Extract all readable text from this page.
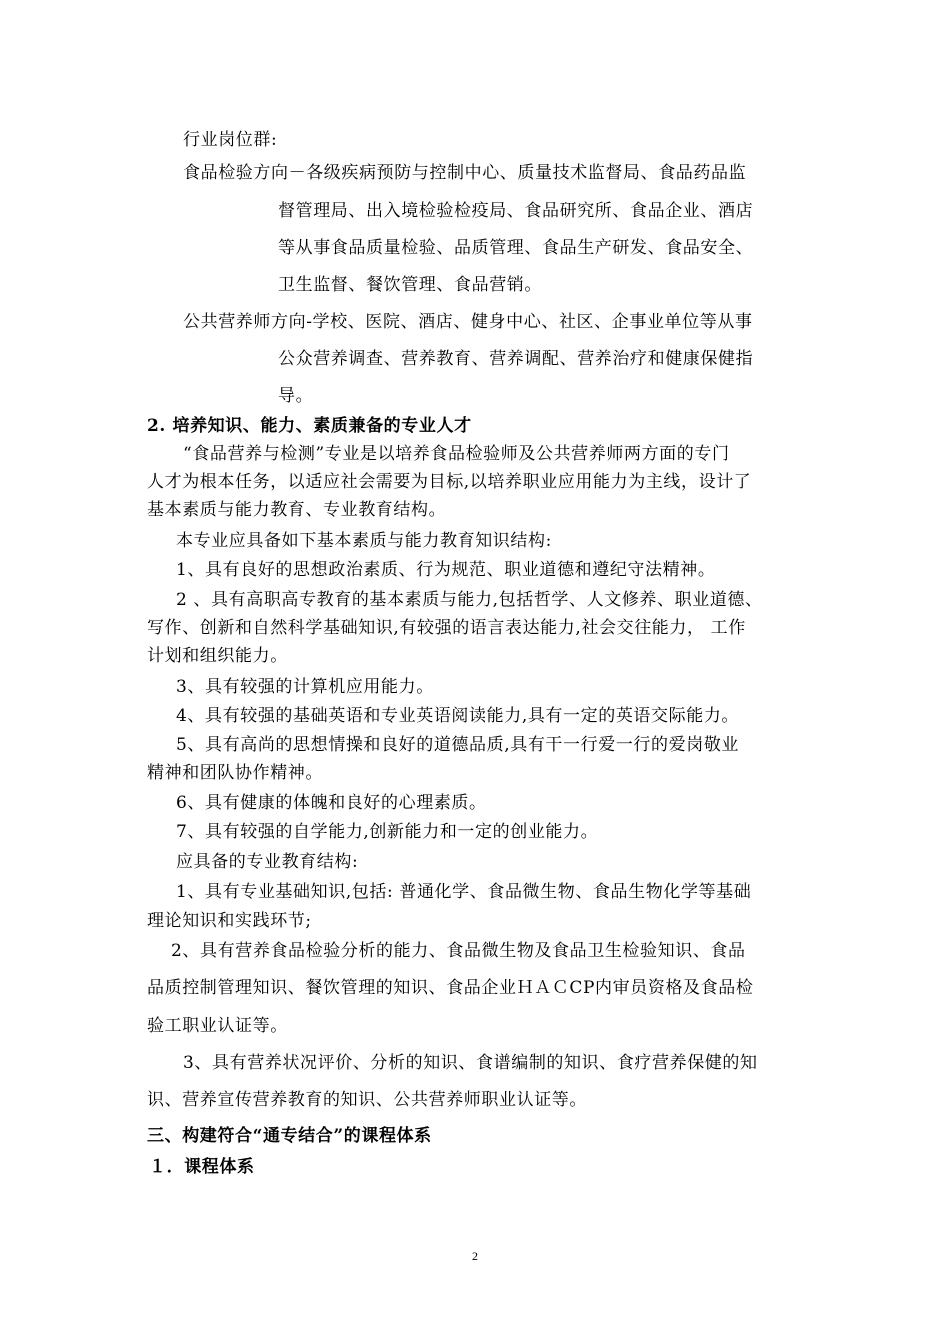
行业岗位群:
食品检验方向－各级疾病预防与控制中心、质量技术监督局、食品药品监
督管理局、出入境检验检疫局、食品研究所、食品企业、酒店
等从事食品质量检验、品质管理、食品生产研发、食品安全、
卫生监督、餐饮管理、食品营销。
公共营养师方向-学校、医院、酒店、健身中心、社区、企事业单位等从事
公众营养调查、营养教育、营养调配、营养治疗和健康保健指
导。
2. 培养知识、能力、素质兼备的专业人才
“食品营养与检测”专业是以培养食品检验师及公共营养师两方面的专门
人才为根本任务，以适应社会需要为目标,以培养职业应用能力为主线，设计了
基本素质与能力教育、专业教育结构。
本专业应具备如下基本素质与能力教育知识结构:
1、具有良好的思想政治素质、行为规范、职业道德和遵纪守法精神。
2 、具有高职高专教育的基本素质与能力,包括哲学、人文修养、职业道德、
写作、创新和自然科学基础知识,有较强的语言表达能力,社会交往能力， 工作
计划和组织能力。
3、具有较强的计算机应用能力。
4、具有较强的基础英语和专业英语阅读能力,具有一定的英语交际能力。
5、具有高尚的思想情操和良好的道德品质,具有干一行爱一行的爱岗敬业
精神和团队协作精神。
6、具有健康的体魄和良好的心理素质。
7、具有较强的自学能力,创新能力和一定的创业能力。
应具备的专业教育结构:
1、具有专业基础知识,包括: 普通化学、食品微生物、食品生物化学等基础
理论知识和实践环节;
2、具有营养食品检验分析的能力、食品微生物及食品卫生检验知识、食品
品质控制管理知识、餐饮管理的知识、食品企业ＨＡＣCP内审员资格及食品检
验工职业认证等。
3、具有营养状况评价、分析的知识、食谱编制的知识、食疗营养保健的知
识、营养宣传营养教育的知识、公共营养师职业认证等。
三、构建符合“通专结合”的课程体系
１．课程体系
2
